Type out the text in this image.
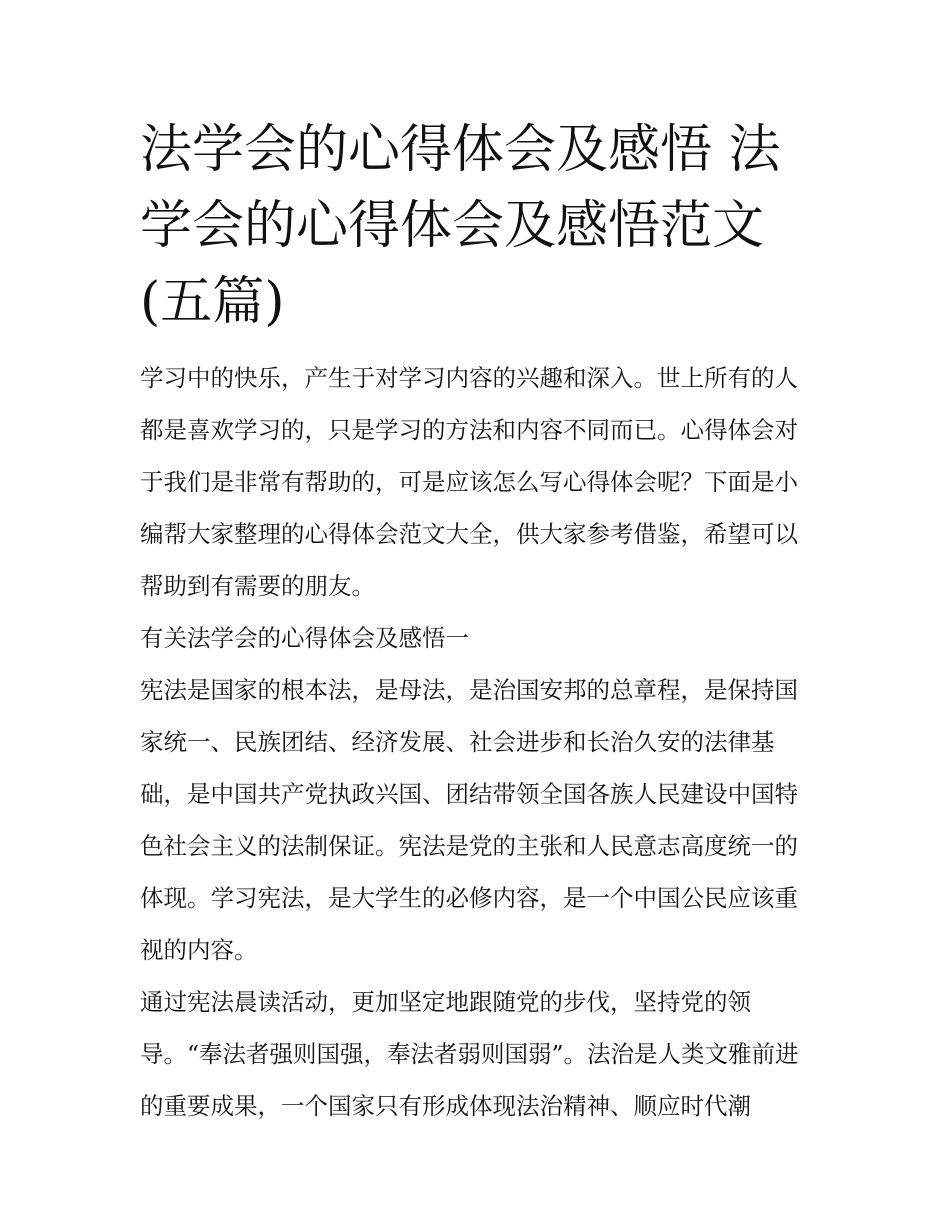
法学会的心得体会及感悟 法学会的心得体会及感悟范文(五篇)

学习中的快乐，产生于对学习内容的兴趣和深入。世上所有的人都是喜欢学习的，只是学习的方法和内容不同而已。心得体会对于我们是非常有帮助的，可是应该怎么写心得体会呢？下面是小编帮大家整理的心得体会范文大全，供大家参考借鉴，希望可以帮助到有需要的朋友。

有关法学会的心得体会及感悟一

宪法是国家的根本法，是母法，是治国安邦的总章程，是保持国家统一、民族团结、经济发展、社会进步和长治久安的法律基础，是中国共产党执政兴国、团结带领全国各族人民建设中国特色社会主义的法制保证。宪法是党的主张和人民意志高度统一的体现。学习宪法，是大学生的必修内容，是一个中国公民应该重视的内容。

通过宪法晨读活动，更加坚定地跟随党的步伐，坚持党的领导。“奉法者强则国强，奉法者弱则国弱”。法治是人类文雅前进的重要成果，一个国家只有形成体现法治精神、顺应时代潮
